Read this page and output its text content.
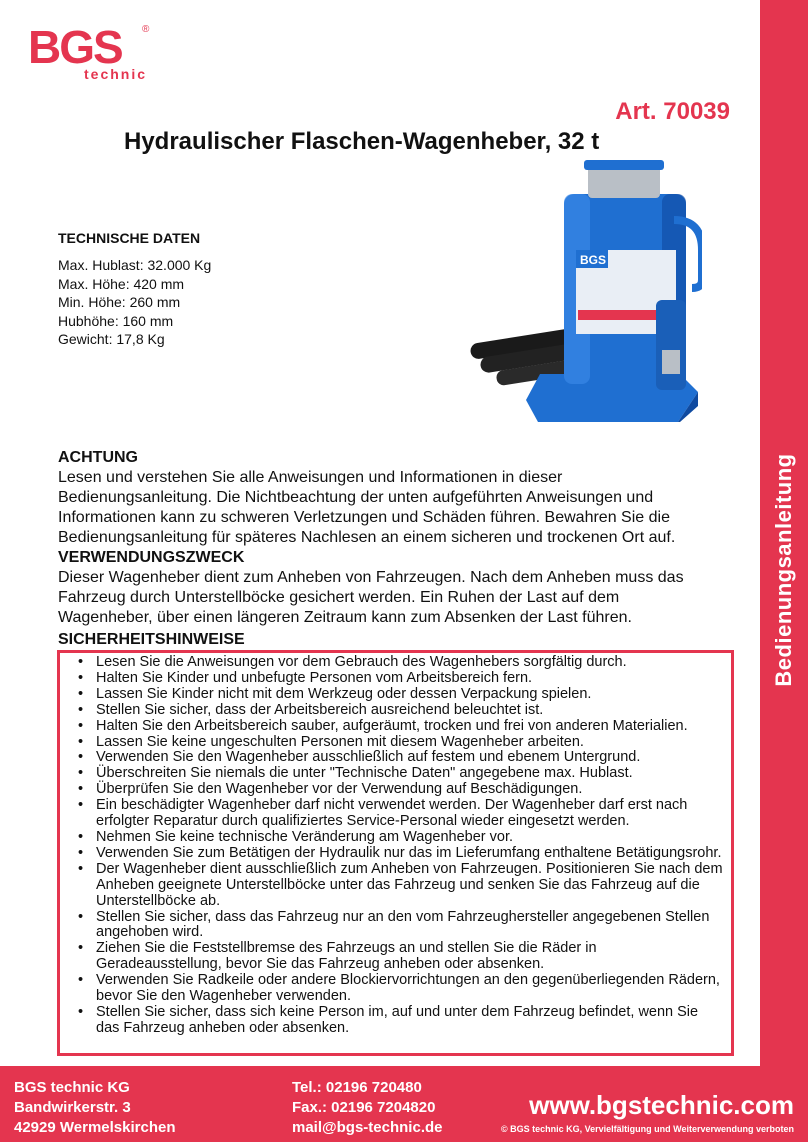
Bedienungsanleitung
BGS ®
technic
Art. 70039
Hydraulischer Flaschen-Wagenheber, 32 t
TECHNISCHE DATEN
Max. Hublast: 32.000 Kg
Max. Höhe: 420 mm
Min. Höhe: 260 mm
Hubhöhe: 160 mm
Gewicht: 17,8 Kg
BGS
ACHTUNG

Lesen und verstehen Sie alle Anweisungen und Informationen in dieser Bedienungsanleitung. Die Nichtbeachtung der unten aufgeführten Anweisungen und Informationen kann zu schweren Verletzungen und Schäden führen. Bewahren Sie die Bedienungsanleitung für späteres Nachlesen an einem sicheren und trockenen Ort auf.

VERWENDUNGSZWECK

Dieser Wagenheber dient zum Anheben von Fahrzeugen. Nach dem Anheben muss das Fahrzeug durch Unterstellböcke gesichert werden. Ein Ruhen der Last auf dem Wagenheber, über einen längeren Zeitraum kann zum Absenken der Last führen.

SICHERHEITSHINWEISE
• Lesen Sie die Anweisungen vor dem Gebrauch des Wagenhebers sorgfältig durch.
• Halten Sie Kinder und unbefugte Personen vom Arbeitsbereich fern.
• Lassen Sie Kinder nicht mit dem Werkzeug oder dessen Verpackung spielen.
• Stellen Sie sicher, dass der Arbeitsbereich ausreichend beleuchtet ist.
• Halten Sie den Arbeitsbereich sauber, aufgeräumt, trocken und frei von anderen Materialien.
• Lassen Sie keine ungeschulten Personen mit diesem Wagenheber arbeiten.
• Verwenden Sie den Wagenheber ausschließlich auf festem und ebenem Untergrund.
• Überschreiten Sie niemals die unter "Technische Daten" angegebene max. Hublast.
• Überprüfen Sie den Wagenheber vor der Verwendung auf Beschädigungen.
• Ein beschädigter Wagenheber darf nicht verwendet werden. Der Wagenheber darf erst nach erfolgter Reparatur durch qualifiziertes Service-Personal wieder eingesetzt werden.
• Nehmen Sie keine technische Veränderung am Wagenheber vor.
• Verwenden Sie zum Betätigen der Hydraulik nur das im Lieferumfang enthaltene Betätigungsrohr.
• Der Wagenheber dient ausschließlich zum Anheben von Fahrzeugen. Positionieren Sie nach dem Anheben geeignete Unterstellböcke unter das Fahrzeug und senken Sie das Fahrzeug auf die Unterstellböcke ab.
• Stellen Sie sicher, dass das Fahrzeug nur an den vom Fahrzeughersteller angegebenen Stellen angehoben wird.
• Ziehen Sie die Feststellbremse des Fahrzeugs an und stellen Sie die Räder in Geradeausstellung, bevor Sie das Fahrzeug anheben oder absenken.
• Verwenden Sie Radkeile oder andere Blockiervorrichtungen an den gegenüberliegenden Rädern, bevor Sie den Wagenheber verwenden.
• Stellen Sie sicher, dass sich keine Person im, auf und unter dem Fahrzeug befindet, wenn Sie das Fahrzeug anheben oder absenken.
BGS technic KG
Bandwirkerstr. 3
42929 Wermelskirchen
Tel.: 02196 720480
Fax.: 02196 7204820
mail@bgs-technic.de
www.bgstechnic.com
© BGS technic KG, Vervielfältigung und Weiterverwendung verboten
